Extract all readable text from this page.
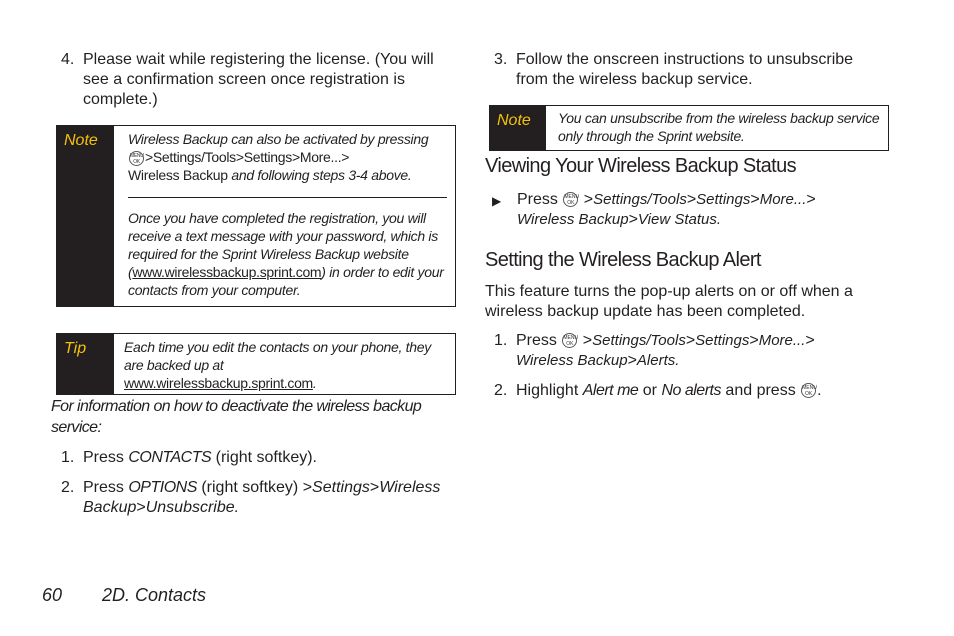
4. Please wait while registering the license. (You will see a confirmation screen once registration is complete.)
Note	Wireless Backup can also be activated by pressing
MENU
OK >Settings/Tools>Settings>More...>
Wireless Backup and following steps 3-4 above.
Once you have completed the registration, you will receive a text message with your password, which is required for the Sprint Wireless Backup website (www.wirelessbackup.sprint.com) in order to edit your contacts from your computer.
Tip	Each time you edit the contacts on your phone, they are backed up at
www.wirelessbackup.sprint.com.
For information on how to deactivate the wireless backup service:
1. Press CONTACTS (right softkey).
2. Press OPTIONS (right softkey) >Settings>Wireless Backup>Unsubscribe.
3. Follow the onscreen instructions to unsubscribe from the wireless backup service.
Note	You can unsubscribe from the wireless backup service only through the Sprint website.
Viewing Your Wireless Backup Status
▶ Press MENU
OK >Settings/Tools>Settings>More...>
Wireless Backup>View Status.
Setting the Wireless Backup Alert
This feature turns the pop-up alerts on or off when a wireless backup update has been completed.
1. Press MENU
OK >Settings/Tools>Settings>More...>
Wireless Backup>Alerts.
2. Highlight Alert me or No alerts and press MENU
OK .
60 2D. Contacts
